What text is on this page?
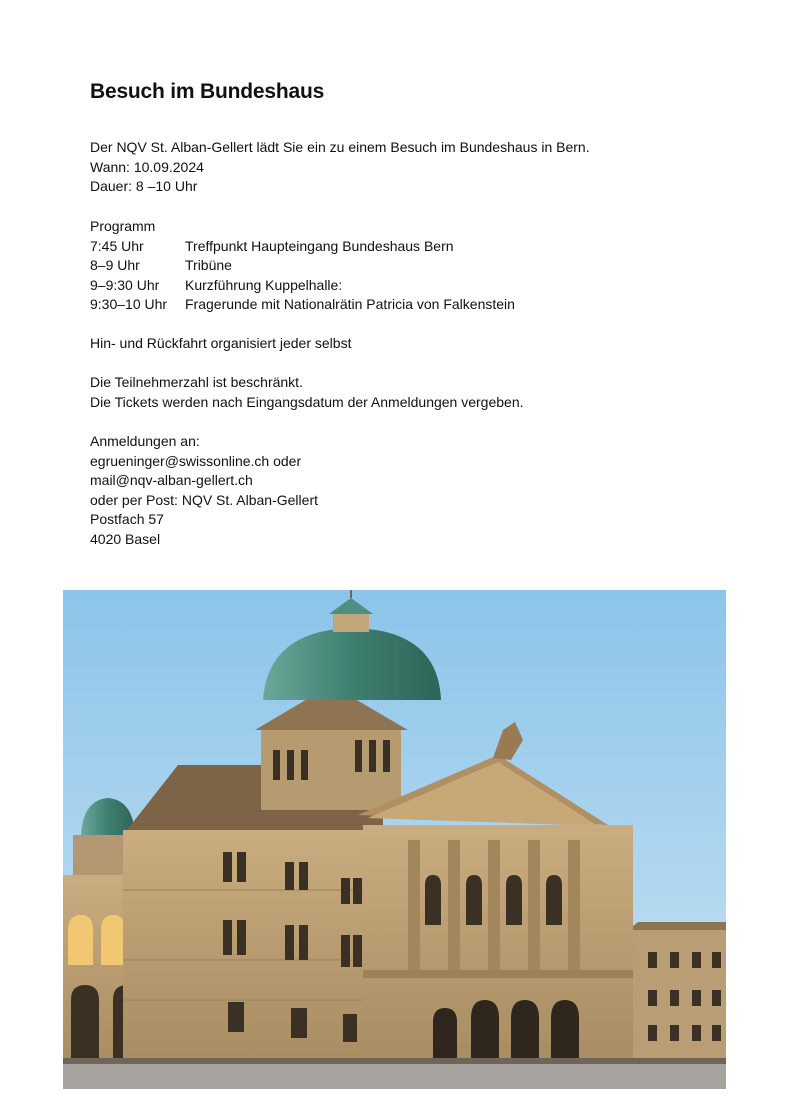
Besuch im Bundeshaus
Der NQV St. Alban-Gellert lädt Sie ein zu einem Besuch im Bundeshaus in Bern.
Wann: 10.09.2024
Dauer: 8 –10 Uhr
Programm
7:45 Uhr	Treffpunkt Haupteingang Bundeshaus Bern
8–9 Uhr	Tribüne
9–9:30 Uhr	Kurzführung Kuppelhalle:
9:30–10 Uhr	Fragerunde mit Nationalrätin Patricia von Falkenstein
Hin- und Rückfahrt organisiert jeder selbst
Die Teilnehmerzahl ist beschränkt.
Die Tickets werden nach Eingangsdatum der Anmeldungen vergeben.
Anmeldungen an:
egrueninger@swissonline.ch oder
mail@nqv-alban-gellert.ch
oder per Post: NQV St. Alban-Gellert
Postfach 57
4020 Basel
